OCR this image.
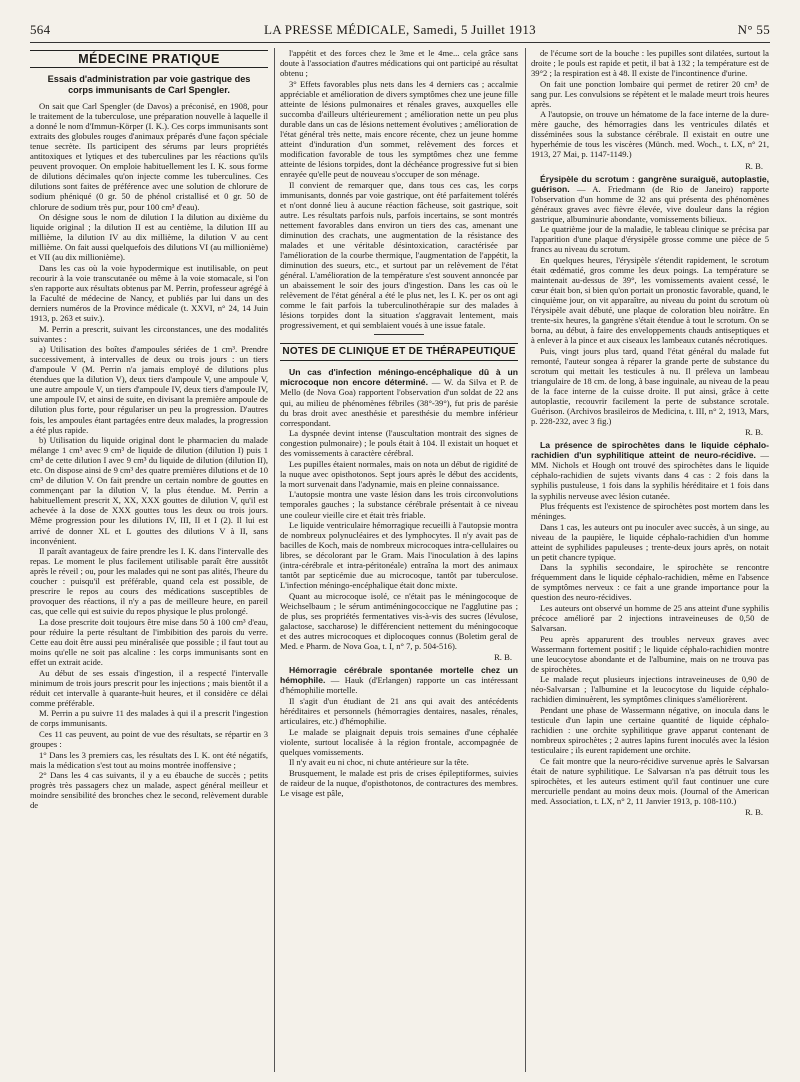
564	LA PRESSE MÉDICALE, Samedi, 5 Juillet 1913	N° 55
MÉDECINE PRATIQUE
Essais d'administration par voie gastrique des corps immunisants de Carl Spengler.

On sait que Carl Spengler (de Davos) a préconisé, en 1908, pour le traitement de la tuberculose, une préparation nouvelle à laquelle il a donné le nom d'Immun-Körper (I. K.). Ces corps immunisants sont extraits des globules rouges d'animaux préparés d'une façon spéciale tenue secrète. Ils participent des sérums par leurs propriétés antitoxiques et lytiques et des tuberculines par les réactions qu'ils peuvent provoquer. On emploie habituellement les I. K. sous forme de dilutions décimales qu'on injecte comme les tuberculines. Ces dilutions sont faites de préférence avec une solution de chlorure de sodium phéniqué (0 gr. 50 de phénol cristallisé et 0 gr. 50 de chlorure de sodium très pur, pour 100 cm³ d'eau).

On désigne sous le nom de dilution I la dilution au dixième du liquide original ; la dilution II est au centième, la dilution III au millième, la dilution IV au dix millième, la dilution V au cent millième. On fait aussi quelquefois des dilutions VI (au millionième) et VII (au dix millionième).

Dans les cas où la voie hypodermique est inutilisable, on peut recourir à la voie transcutanée ou même à la voie stomacale, si l'on s'en rapporte aux résultats obtenus par M. Perrin, professeur agrégé à la Faculté de médecine de Nancy, et publiés par lui dans un des derniers numéros de la Province médicale (t. XXVI, n° 24, 14 Juin 1913, p. 263 et suiv.).

M. Perrin a prescrit, suivant les circonstances, une des modalités suivantes :

a) Utilisation des boîtes d'ampoules sériées de 1 cm³. Prendre successivement, à intervalles de deux ou trois jours : un tiers d'ampoule V (M. Perrin n'a jamais employé de dilutions plus étendues que la dilution V), deux tiers d'ampoule V, une ampoule V, une autre ampoule V, un tiers d'ampoule IV, deux tiers d'ampoule IV, une ampoule IV, et ainsi de suite, en divisant la première ampoule de dilution plus forte, pour régulariser un peu la progression. D'autres fois, les ampoules étant partagées entre deux malades, la progression a été plus rapide.

b) Utilisation du liquide original dont le pharmacien du malade mélange 1 cm³ avec 9 cm³ de liquide de dilution (dilution I) puis 1 cm³ de cette dilution I avec 9 cm³ du liquide de dilution (dilution II), etc. On dispose ainsi de 9 cm³ des quatre premières dilutions et de 10 cm³ de dilution V. On fait prendre un certain nombre de gouttes en commençant par la dilution V, la plus étendue. M. Perrin a habituellement prescrit X, XX, XXX gouttes de dilution V, qu'il est achevée à la dose de XXX gouttes tous les deux ou trois jours. Même progression pour les dilutions IV, III, II et I (2). Il lui est arrivé de donner XL et L gouttes des dilutions V à II, sans inconvénient.

Il paraît avantageux de faire prendre les I. K. dans l'intervalle des repas. Le moment le plus facilement utilisable paraît être aussitôt après le réveil ; ou, pour les malades qui ne sont pas alités, l'heure du coucher : puisqu'il est préférable, quand cela est possible, de prescrire le repos au cours des médications susceptibles de provoquer des réactions, il n'y a pas de meilleure heure, en pareil cas, que celle qui est suivie du repos physique le plus prolongé.

La dose prescrite doit toujours être mise dans 50 à 100 cm³ d'eau, pour réduire la perte résultant de l'imbibition des parois du verre. Cette eau doit être aussi peu minéralisée que possible ; il faut tout au moins qu'elle ne soit pas alcaline : les corps immunisants sont en effet un extrait acide.

Au début de ses essais d'ingestion, il a respecté l'intervalle minimum de trois jours prescrit pour les injections ; mais bientôt il a réduit cet intervalle à quarante-huit heures, et il considère ce délai comme préférable.

M. Perrin a pu suivre 11 des malades à qui il a prescrit l'ingestion de corps immunisants.

Ces 11 cas peuvent, au point de vue des résultats, se répartir en 3 groupes :

1° Dans les 3 premiers cas, les résultats des I. K. ont été négatifs, mais la médication s'est tout au moins montrée inoffensive ;

2° Dans les 4 cas suivants, il y a eu ébauche de succès ; petits progrès très passagers chez un malade, aspect général meilleur et moindre sensibilité des bronches chez le second, relèvement durable de

l'appétit et des forces chez le 3me et le 4me... cela grâce sans doute à l'association d'autres médications qui ont participé au résultat obtenu ;

3° Effets favorables plus nets dans les 4 derniers cas ; accalmie appréciable et amélioration de divers symptômes chez une jeune fille atteinte de lésions pulmonaires et rénales graves, auxquelles elle succomba d'ailleurs ultérieurement ; amélioration nette un peu plus durable dans un cas de lésions nettement évolutives ; amélioration de l'état général très nette, mais encore récente, chez un jeune homme atteint d'induration d'un sommet, relèvement des forces et modification favorable de tous les symptômes chez une femme atteinte de lésions torpides, dont la déchéance progressive fut si bien enrayée qu'elle peut de nouveau s'occuper de son ménage.

Il convient de remarquer que, dans tous ces cas, les corps immunisants, donnés par voie gastrique, ont été parfaitement tolérés et n'ont donné lieu à aucune réaction fâcheuse, soit gastrique, soit autre. Les résultats parfois nuls, parfois incertains, se sont montrés nettement favorables dans environ un tiers des cas, amenant une diminution des crachats, une augmentation de la résistance des malades et une véritable désintoxication, caractérisée par l'amélioration de la courbe thermique, l'augmentation de l'appétit, la diminution des sueurs, etc., et surtout par un relèvement de l'état général. L'amélioration de la température s'est souvent annoncée par un abaissement le soir des jours d'ingestion. Dans les cas où le relèvement de l'état général a été le plus net, les I. K. per os ont agi comme le fait parfois la tuberculinothérapie sur des malades à lésions torpides dont la situation s'aggravait lentement, mais progressivement, et qui semblaient voués à une issue fatale.

NOTES DE CLINIQUE ET DE THÉRAPEUTIQUE

Un cas d'infection méningo-encéphalique dû à un microcoque non encore déterminé. — W. da Silva et P. de Mello (de Nova Goa) rapportent l'observation d'un soldat de 22 ans qui, au milieu de phénomènes fébriles (38°-39°), fut pris de parésie du bras droit avec anesthésie et paresthésie du membre inférieur correspondant.

La dyspnée devint intense (l'auscultation montrait des signes de congestion pulmonaire) ; le pouls était à 104. Il existait un hoquet et des vomissements à caractère cérébral.

Les pupilles étaient normales, mais on nota un début de rigidité de la nuque avec opisthotonos. Sept jours après le début des accidents, la mort survenait dans l'adynamie, mais en pleine connaissance.

L'autopsie montra une vaste lésion dans les trois circonvolutions temporales gauches ; la substance cérébrale présentait à ce niveau une couleur vieille cire et était très friable.

Le liquide ventriculaire hémorragique recueilli à l'autopsie montra de nombreux polynucléaires et des lymphocytes. Il n'y avait pas de bacilles de Koch, mais de nombreux microcoques intra-cellulaires ou libres, se décolorant par le Gram. Mais l'inoculation à des lapins (intra-cérébrale et intra-péritonéale) entraîna la mort des animaux tantôt par septicémie due au microcoque, tantôt par tuberculose. L'infection méningo-encéphalique était donc mixte.

Quant au microcoque isolé, ce n'était pas le méningocoque de Weichselbaum ; le sérum antiméningococcique ne l'agglutine pas ; de plus, ses propriétés fermentatives vis-à-vis des sucres (lévulose, galactose, saccharose) le différencient nettement du méningocoque et des autres microcoques et diplocoques connus (Boletim geral de Med. e Pharm. de Nova Goa, t. I, n° 7, p. 504-516).

R. B.

Hémorragie cérébrale spontanée mortelle chez un hémophile. — Hauk (d'Erlangen) rapporte un cas intéressant d'hémophilie mortelle.

Il s'agit d'un étudiant de 21 ans qui avait des antécédents héréditaires et personnels (hémorragies dentaires, nasales, rénales, articulaires, etc.) d'hémophilie.

Le malade se plaignait depuis trois semaines d'une céphalée violente, surtout localisée à la région frontale, accompagnée de quelques vomissements.

Il n'y avait eu ni choc, ni chute antérieure sur la tête.

Brusquement, le malade est pris de crises épileptiformes, suivies de raideur de la nuque, d'opisthotonos, de contractures des membres. Le visage est pâle,

de l'écume sort de la bouche : les pupilles sont dilatées, surtout la droite ; le pouls est rapide et petit, il bat à 132 ; la température est de 39°2 ; la respiration est à 48. Il existe de l'incontinence d'urine.

On fait une ponction lombaire qui permet de retirer 20 cm³ de sang pur. Les convulsions se répètent et le malade meurt trois heures après.

A l'autopsie, on trouve un hématome de la face interne de la dure-mère gauche, des hémorragies dans les ventricules dilatés et disséminées sous la substance cérébrale. Il existait en outre une hyperhémie de tous les viscères (Münch. med. Woch., t. LX, n° 21, 1913, 27 Mai, p. 1147-1149.)

R. B.

Érysipèle du scrotum : gangrène suraiguë, autoplastie, guérison. — A. Friedmann (de Rio de Janeiro) rapporte l'observation d'un homme de 32 ans qui présenta des phénomènes généraux graves avec fièvre élevée, vive douleur dans la région gastrique, albuminurie abondante, vomissements bilieux.

Le quatrième jour de la maladie, le tableau clinique se précisa par l'apparition d'une plaque d'érysipèle grosse comme une pièce de 5 francs au niveau du scrotum.

En quelques heures, l'érysipèle s'étendit rapidement, le scrotum était œdématié, gros comme les deux poings. La température se maintenait au-dessus de 39°, les vomissements avaient cessé, le cœur était bon, si bien qu'on portait un pronostic favorable, quand, le cinquième jour, on vit apparaître, au niveau du point du scrotum où l'érysipèle avait débuté, une plaque de coloration bleu noirâtre. En trente-six heures, la gangrène s'était étendue à tout le scrotum. On se borna, au début, à faire des enveloppements chauds antiseptiques et à enlever à la pince et aux ciseaux les lambeaux cutanés nécrotiques.

Puis, vingt jours plus tard, quand l'état général du malade fut remonté, l'auteur songea à réparer la grande perte de substance du scrotum qui mettait les testicules à nu. Il préleva un lambeau triangulaire de 18 cm. de long, à base inguinale, au niveau de la peau de la face interne de la cuisse droite. Il put ainsi, grâce à cette autoplastie, recouvrir facilement la perte de substance scrotale. Guérison. (Archivos brasileiros de Medicina, t. III, n° 2, 1913, Mars, p. 228-232, avec 3 fig.)

R. B.

La présence de spirochètes dans le liquide céphalo-rachidien d'un syphilitique atteint de neuro-récidive. — MM. Nichols et Hough ont trouvé des spirochètes dans le liquide céphalo-rachidien de sujets vivants dans 4 cas : 2 fois dans la syphilis pustuleuse, 1 fois dans la syphilis héréditaire et 1 fois dans la syphilis nerveuse avec lésion cutanée.

Plus fréquents est l'existence de spirochètes post mortem dans les méninges.

Dans 1 cas, les auteurs ont pu inoculer avec succès, à un singe, au niveau de la paupière, le liquide céphalo-rachidien d'un homme atteint de syphilides papuleuses ; trente-deux jours après, on notait un petit chancre typique.

Dans la syphilis secondaire, le spirochète se rencontre fréquemment dans le liquide céphalo-rachidien, même en l'absence de symptômes nerveux : ce fait a une grande importance pour la question des neuro-récidives.

Les auteurs ont observé un homme de 25 ans atteint d'une syphilis précoce amélioré par 2 injections intraveineuses de 0,50 de Salvarsan.

Peu après apparurent des troubles nerveux graves avec Wassermann fortement positif ; le liquide céphalo-rachidien montre une leucocytose abondante et de l'albumine, mais on ne trouva pas de spirochètes.

Le malade reçut plusieurs injections intraveineuses de 0,90 de néo-Salvarsan ; l'albumine et la leucocytose du liquide céphalo-rachidien diminuèrent, les symptômes cliniques s'améliorèrent.

Pendant une phase de Wassermann négative, on inocula dans le testicule d'un lapin une certaine quantité de liquide céphalo-rachidien : une orchite syphilitique grave apparut contenant de nombreux spirochètes ; 2 autres lapins furent inoculés avec la lésion testiculaire ; ils eurent rapidement une orchite.

Ce fait montre que la neuro-récidive survenue après le Salvarsan était de nature syphilitique. Le Salvarsan n'a pas détruit tous les spirochètes, et les auteurs estiment qu'il faut continuer une cure mercurielle pendant au moins deux mois. (Journal of the American med. Association, t. LX, n° 2, 11 Janvier 1913, p. 108-110.)

R. B.
